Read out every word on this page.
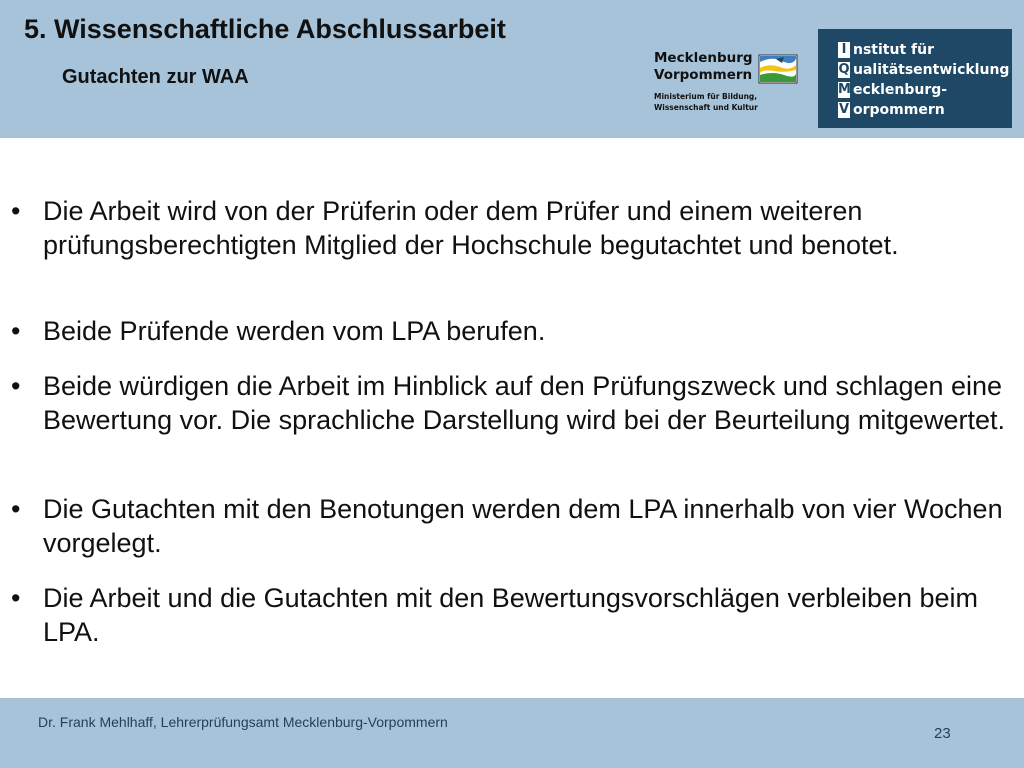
5. Wissenschaftliche Abschlussarbeit
Gutachten zur WAA
Mecklenburg
Vorpommern
Ministerium für Bildung,
Wissenschaft und Kultur
I nstitut für
Q ualitätsentwicklung
M ecklenburg-
V orpommern
• Die Arbeit wird von der Prüferin oder dem Prüfer und einem weiteren prüfungsberechtigten Mitglied der Hochschule begutachtet und benotet.
• Beide Prüfende werden vom LPA berufen.
• Beide würdigen die Arbeit im Hinblick auf den Prüfungszweck und schlagen eine Bewertung vor. Die sprachliche Darstellung wird bei der Beurteilung mitgewertet.
• Die Gutachten mit den Benotungen werden dem LPA innerhalb von vier Wochen vorgelegt.
• Die Arbeit und die Gutachten mit den Bewertungsvorschlägen verbleiben beim LPA.
Dr. Frank Mehlhaff, Lehrerprüfungsamt Mecklenburg-Vorpommern
23
